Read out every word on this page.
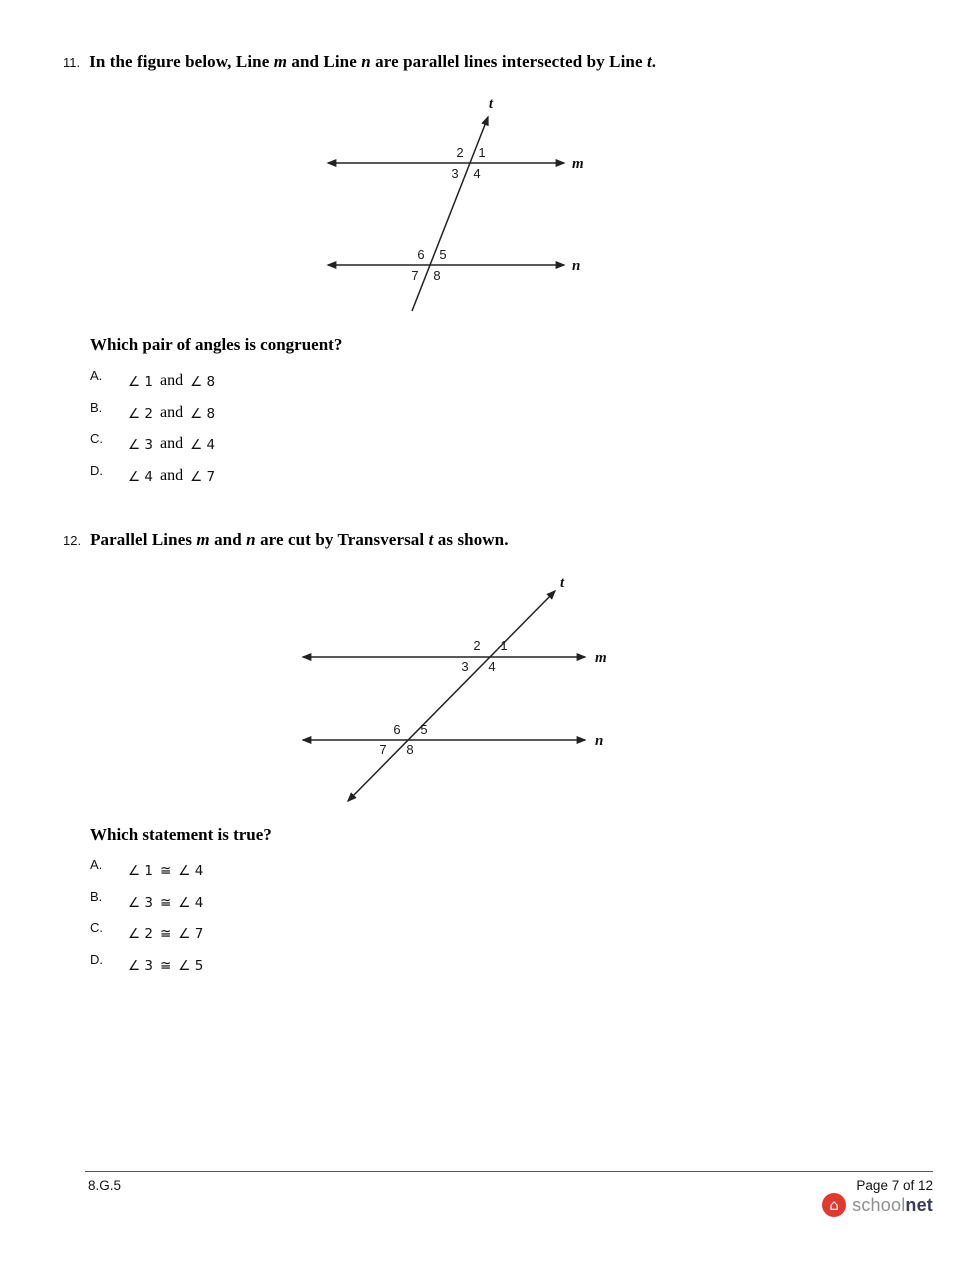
11. In the figure below, Line m and Line n are parallel lines intersected by Line t.
t
m
n
2 1
3 4
6 5
7 8
Which pair of angles is congruent?
A.	∠ 1 and ∠ 8
B.	∠ 2 and ∠ 8
C.	∠ 3 and ∠ 4
D.	∠ 4 and ∠ 7
12. Parallel Lines m and n are cut by Transversal t as shown.
t
m
n
2 1
3 4
6 5
7 8
Which statement is true?
A.	∠ 1 ≅ ∠ 4
B.	∠ 3 ≅ ∠ 4
C.	∠ 2 ≅ ∠ 7
D.	∠ 3 ≅ ∠ 5
8.G.5	Page 7 of 12
⌂ schoolnet
